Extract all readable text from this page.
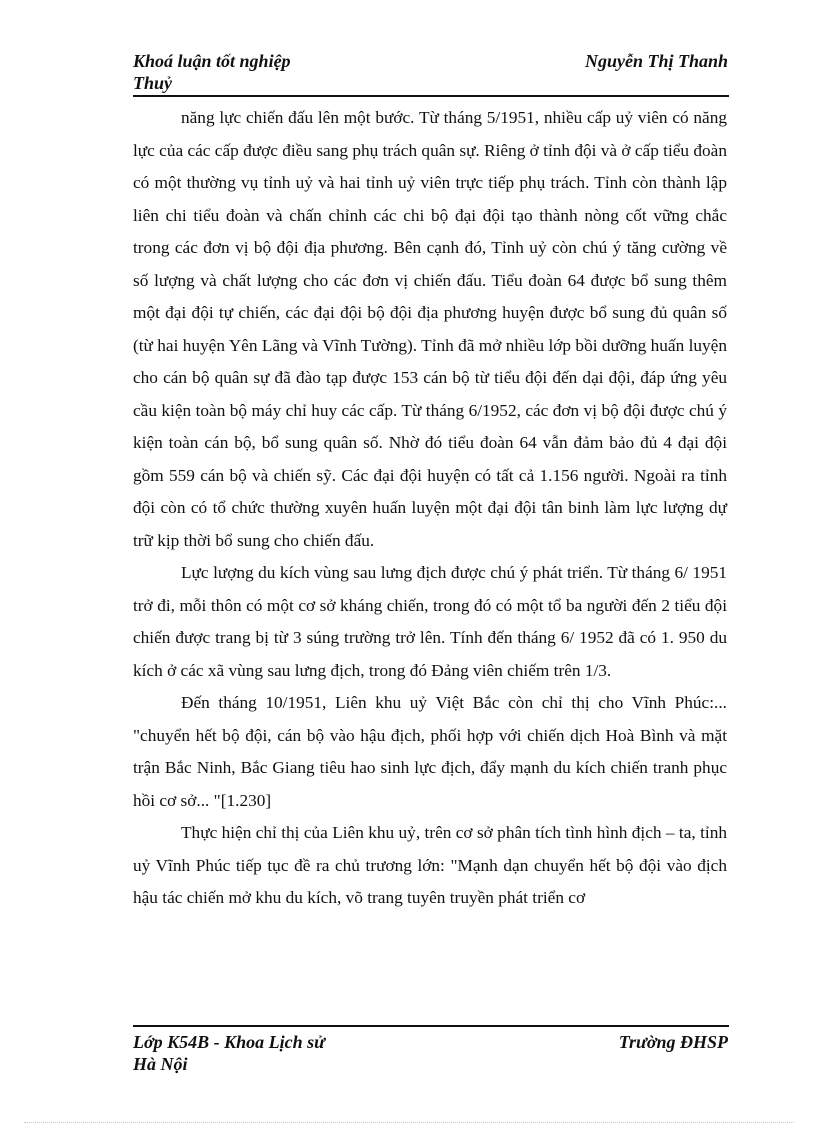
Khoá luận tốt nghiệp	Nguyễn Thị Thanh
Thuỷ

năng lực chiến đấu lên một bước. Từ tháng 5/1951, nhiều cấp uỷ viên có năng lực của các cấp được điều sang phụ trách quân sự. Riêng ở tỉnh đội và ở cấp tiểu đoàn có một thường vụ tỉnh uỷ và hai tỉnh uỷ viên trực tiếp phụ trách. Tỉnh còn thành lập liên chi tiểu đoàn và chấn chỉnh các chi bộ đại đội tạo thành nòng cốt vững chắc trong các đơn vị bộ đội địa phương. Bên cạnh đó, Tỉnh uỷ còn chú ý tăng cường về số lượng và chất lượng cho các đơn vị chiến đấu. Tiểu đoàn 64 được bổ sung thêm một đại đội tự chiến, các đại đội bộ đội địa phương huyện được bổ sung đủ quân số (từ hai huyện Yên Lãng và Vĩnh Tường). Tỉnh đã mở nhiều lớp bồi dưỡng huấn luyện cho cán bộ quân sự đã đào tạp được 153 cán bộ từ tiểu đội đến dại đội, đáp ứng yêu cầu kiện toàn bộ máy chỉ huy các cấp. Từ tháng 6/1952, các đơn vị bộ đội được chú ý kiện toàn cán bộ, bổ sung quân số. Nhờ đó tiểu đoàn 64 vẫn đảm bảo đủ 4 đại đội gồm 559 cán bộ và chiến sỹ. Các đại đội huyện có tất cả 1.156 người. Ngoài ra tỉnh đội còn có tổ chức thường xuyên huấn luyện một đại đội tân binh làm lực lượng dự trữ kịp thời bổ sung cho chiến đấu.

Lực lượng du kích vùng sau lưng địch được chú ý phát triển. Từ tháng 6/ 1951 trở đi, mỗi thôn có một cơ sở kháng chiến, trong đó có một tổ ba người đến 2 tiểu đội chiến được trang bị từ 3 súng trường trở lên. Tính đến tháng 6/ 1952 đã có 1. 950 du kích ở các xã vùng sau lưng địch, trong đó Đảng viên chiếm trên 1/3.

Đến tháng 10/1951, Liên khu uỷ Việt Bắc còn chỉ thị cho Vĩnh Phúc:... "chuyển hết bộ đội, cán bộ vào hậu địch, phối hợp với chiến dịch Hoà Bình và mặt trận Bắc Ninh, Bắc Giang tiêu hao sinh lực địch, đẩy mạnh du kích chiến tranh phục hồi cơ sở... "[1.230]

Thực hiện chỉ thị của Liên khu uỷ, trên cơ sở phân tích tình hình địch – ta, tỉnh uỷ Vĩnh Phúc tiếp tục đề ra chủ trương lớn: "Mạnh dạn chuyển hết bộ đội vào địch hậu tác chiến mở khu du kích, võ trang tuyên truyền phát triển cơ

Lớp K54B - Khoa Lịch sử	Trường ĐHSP
Hà Nội
